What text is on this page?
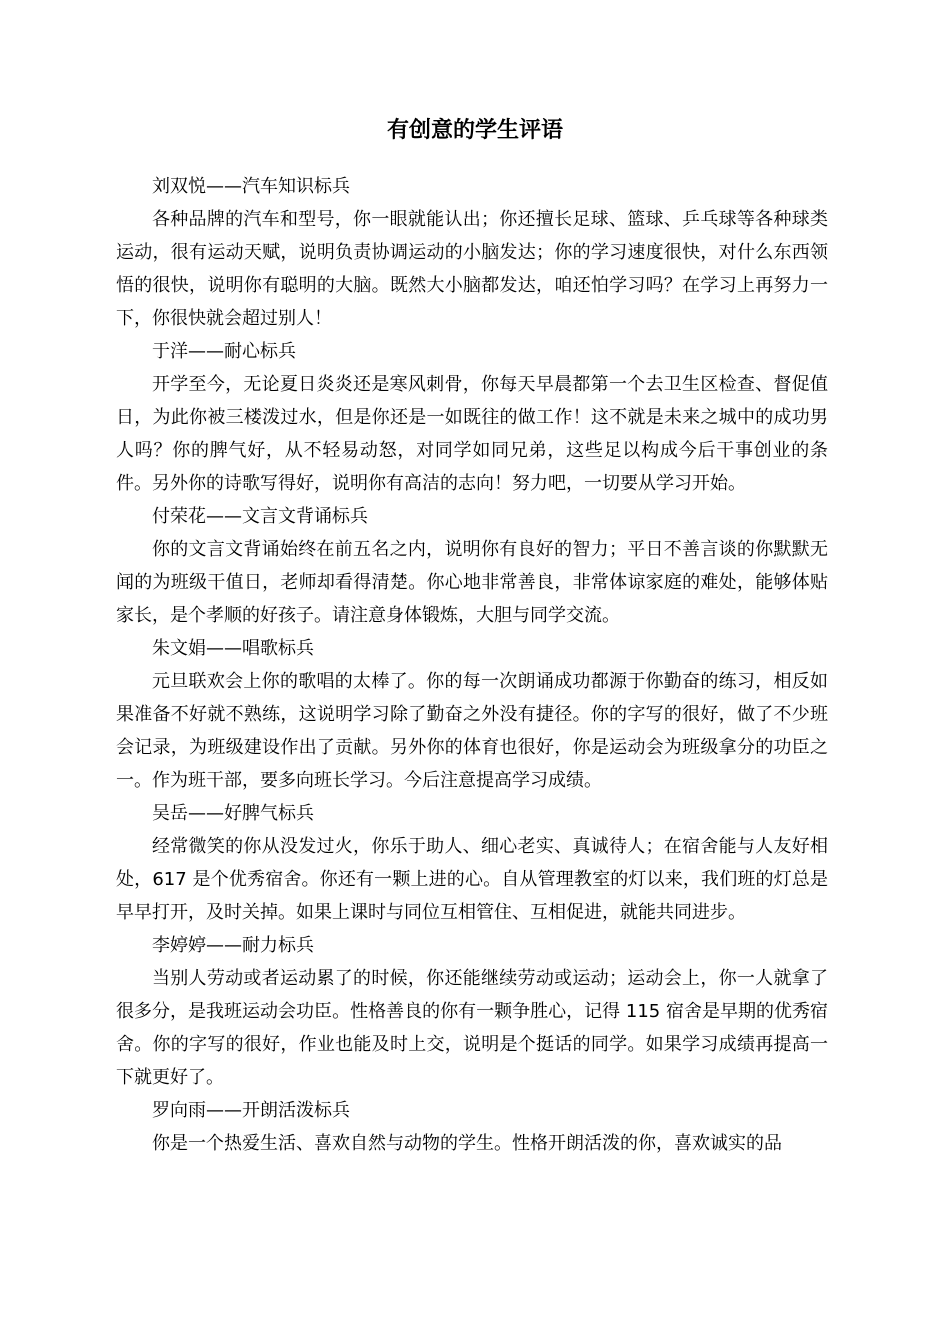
有创意的学生评语

刘双悦——汽车知识标兵

各种品牌的汽车和型号，你一眼就能认出；你还擅长足球、篮球、乒乓球等各种球类运动，很有运动天赋，说明负责协调运动的小脑发达；你的学习速度很快，对什么东西领悟的很快，说明你有聪明的大脑。既然大小脑都发达，咱还怕学习吗？在学习上再努力一下，你很快就会超过别人！

于洋——耐心标兵

开学至今，无论夏日炎炎还是寒风刺骨，你每天早晨都第一个去卫生区检查、督促值日，为此你被三楼泼过水，但是你还是一如既往的做工作！这不就是未来之城中的成功男人吗？你的脾气好，从不轻易动怒，对同学如同兄弟，这些足以构成今后干事创业的条件。另外你的诗歌写得好，说明你有高洁的志向！努力吧，一切要从学习开始。

付荣花——文言文背诵标兵

你的文言文背诵始终在前五名之内，说明你有良好的智力；平日不善言谈的你默默无闻的为班级干值日，老师却看得清楚。你心地非常善良，非常体谅家庭的难处，能够体贴家长，是个孝顺的好孩子。请注意身体锻炼，大胆与同学交流。

朱文娟——唱歌标兵

元旦联欢会上你的歌唱的太棒了。你的每一次朗诵成功都源于你勤奋的练习，相反如果准备不好就不熟练，这说明学习除了勤奋之外没有捷径。你的字写的很好，做了不少班会记录，为班级建设作出了贡献。另外你的体育也很好，你是运动会为班级拿分的功臣之一。作为班干部，要多向班长学习。今后注意提高学习成绩。

吴岳——好脾气标兵

经常微笑的你从没发过火，你乐于助人、细心老实、真诚待人；在宿舍能与人友好相处，617 是个优秀宿舍。你还有一颗上进的心。自从管理教室的灯以来，我们班的灯总是早早打开，及时关掉。如果上课时与同位互相管住、互相促进，就能共同进步。

李婷婷——耐力标兵

当别人劳动或者运动累了的时候，你还能继续劳动或运动；运动会上，你一人就拿了很多分，是我班运动会功臣。性格善良的你有一颗争胜心，记得 115 宿舍是早期的优秀宿舍。你的字写的很好，作业也能及时上交，说明是个挺话的同学。如果学习成绩再提高一下就更好了。

罗向雨——开朗活泼标兵

你是一个热爱生活、喜欢自然与动物的学生。性格开朗活泼的你，喜欢诚实的品
